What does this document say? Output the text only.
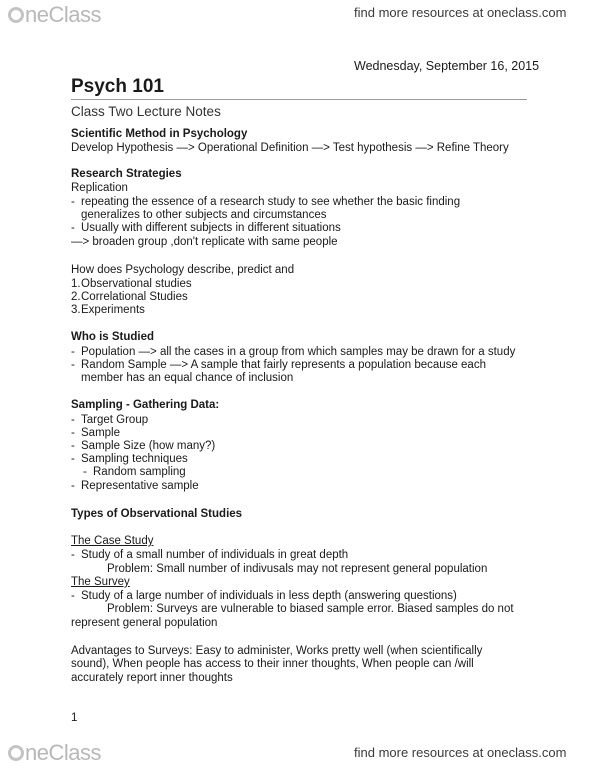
neClass	find more resources at oneclass.com
Wednesday, September 16, 2015
Psych 101
Class Two Lecture Notes
Scientific Method in Psychology
Develop Hypothesis —> Operational Definition —> Test hypothesis —> Refine Theory
Research Strategies
Replication
- repeating the essence of a research study to see whether the basic finding
generalizes to other subjects and circumstances
- Usually with different subjects in different situations
—> broaden group ,don't replicate with same people
How does Psychology describe, predict and
1. Observational studies
2. Correlational Studies
3. Experiments
Who is Studied
- Population —> all the cases in a group from which samples may be drawn for a study
- Random Sample —> A sample that fairly represents a population because each
member has an equal chance of inclusion
Sampling - Gathering Data:
- Target Group
- Sample
- Sample Size (how many?)
- Sampling techniques
- Random sampling
- Representative sample
Types of Observational Studies
The Case Study
- Study of a small number of individuals in great depth
Problem: Small number of indivusals may not represent general population
The Survey
- Study of a large number of individuals in less depth (answering questions)
Problem: Surveys are vulnerable to biased sample error. Biased samples do not
represent general population
Advantages to Surveys: Easy to administer, Works pretty well (when scientifically
sound), When people has access to their inner thoughts, When people can /will
accurately report inner thoughts
1
neClass	find more resources at oneclass.com
